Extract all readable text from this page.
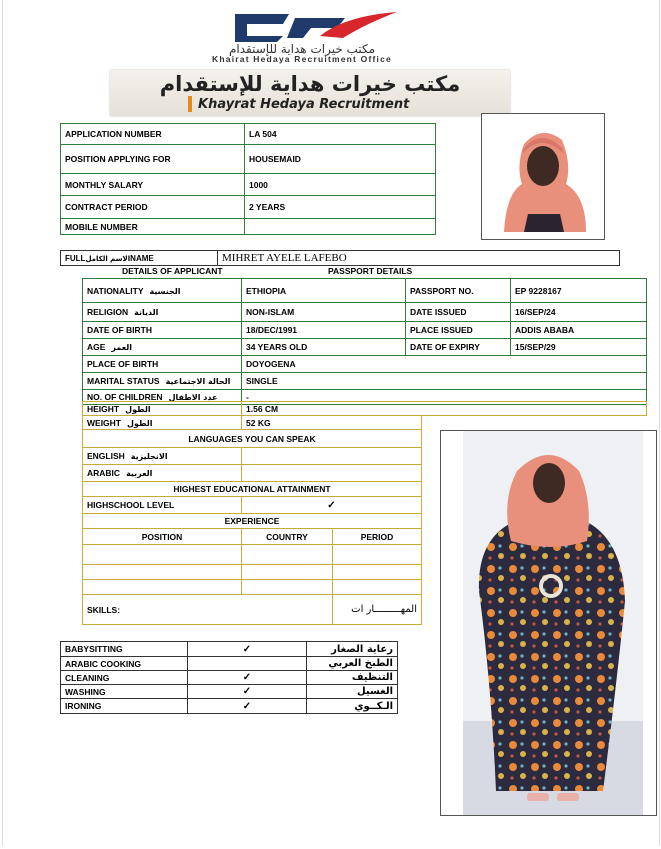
مكتب خيرات هداية للإستقدام
Khairat Hedaya Recruitment Office
مكتب خيرات هداية للإستقدام
Khayrat Hedaya Recruitment
APPLICATION NUMBER	LA 504
POSITION APPLYING FOR	HOUSEMAID
MONTHLY SALARY	1000
CONTRACT PERIOD	2 YEARS
MOBILE NUMBER	
FULLالاسم الكاملNAME	MIHRET AYELE LAFEBO
DETAILS OF APPLICANT	PASSPORT DETAILS
NATIONALITY الجنسية	ETHIOPIA	PASSPORT NO.	EP 9228167
RELIGION الديانة	NON-ISLAM	DATE ISSUED	16/SEP/24
DATE OF BIRTH	18/DEC/1991	PLACE ISSUED	ADDIS ABABA
AGE العمر	34 YEARS OLD	DATE OF EXPIRY	15/SEP/29
PLACE OF BIRTH	DOYOGENA		
MARITAL STATUS الحالة الاجتماعية	SINGLE		
NO. OF CHILDREN عدد الاطفال	-		
HEIGHT الطول	1.56 CM
WEIGHT الطول	52 KG
LANGUAGES YOU CAN SPEAK		
ENGLISH الانجليزية		
ARABIC العربية		
HIGHEST EDUCATIONAL ATTAINMENT		
HIGHSCHOOL LEVEL	✓	
EXPERIENCE		
POSITION	COUNTRY	PERIOD

SKILLS:		المهـــــــــار ات
BABYSITTING	✓	رعاية الصغار
ARABIC COOKING		الطبخ العربي
CLEANING	✓	التنظيف
WASHING	✓	الغسيل
IRONING	✓	الـكــوي
